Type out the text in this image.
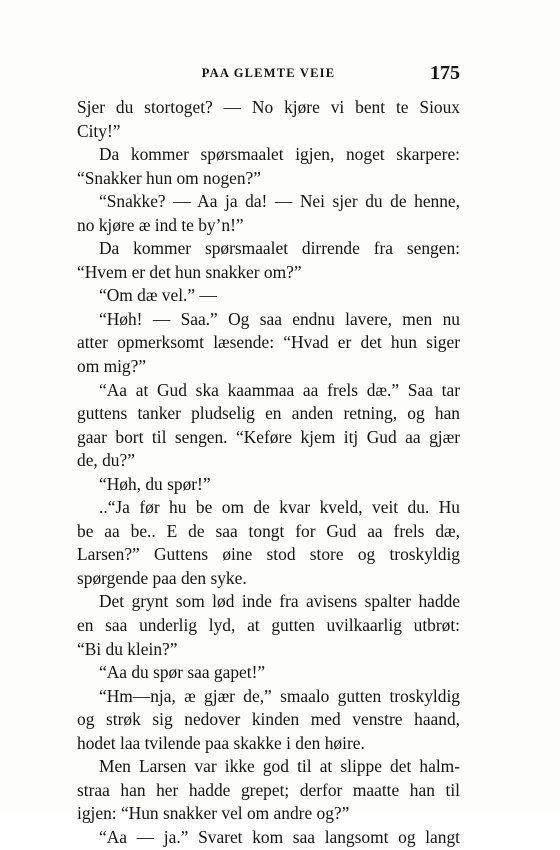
PAA GLEMTE VEIE	175
Sjer du stortoget? — No kjøre vi bent te Sioux
City!”
Da kommer spørsmaalet igjen, noget skarpere:
“Snakker hun om nogen?”
“Snakke? — Aa ja da! — Nei sjer du de henne,
no kjøre æ ind te by’n!”
Da kommer spørsmaalet dirrende fra sengen:
“Hvem er det hun snakker om?”
“Om dæ vel.” —
“Høh! — Saa.” Og saa endnu lavere, men nu
atter opmerksomt læsende: “Hvad er det hun siger
om mig?”
“Aa at Gud ska kaammaa aa frels dæ.” Saa tar
guttens tanker pludselig en anden retning, og han
gaar bort til sengen. “Keføre kjem itj Gud aa gjær
de, du?”
“Høh, du spør!”
..“Ja før hu be om de kvar kveld, veit du. Hu
be aa be.. E de saa tongt for Gud aa frels dæ,
Larsen?” Guttens øine stod store og troskyldig
spørgende paa den syke.
Det grynt som lød inde fra avisens spalter hadde
en saa underlig lyd, at gutten uvilkaarlig utbrøt:
“Bi du klein?”
“Aa du spør saa gapet!”
“Hm—nja, æ gjær de,” smaalo gutten troskyldig
og strøk sig nedover kinden med venstre haand,
hodet laa tvilende paa skakke i den høire.
Men Larsen var ikke god til at slippe det halm-
straa han her hadde grepet; derfor maatte han til
igjen: “Hun snakker vel om andre og?”
“Aa — ja.” Svaret kom saa langsomt og langt
